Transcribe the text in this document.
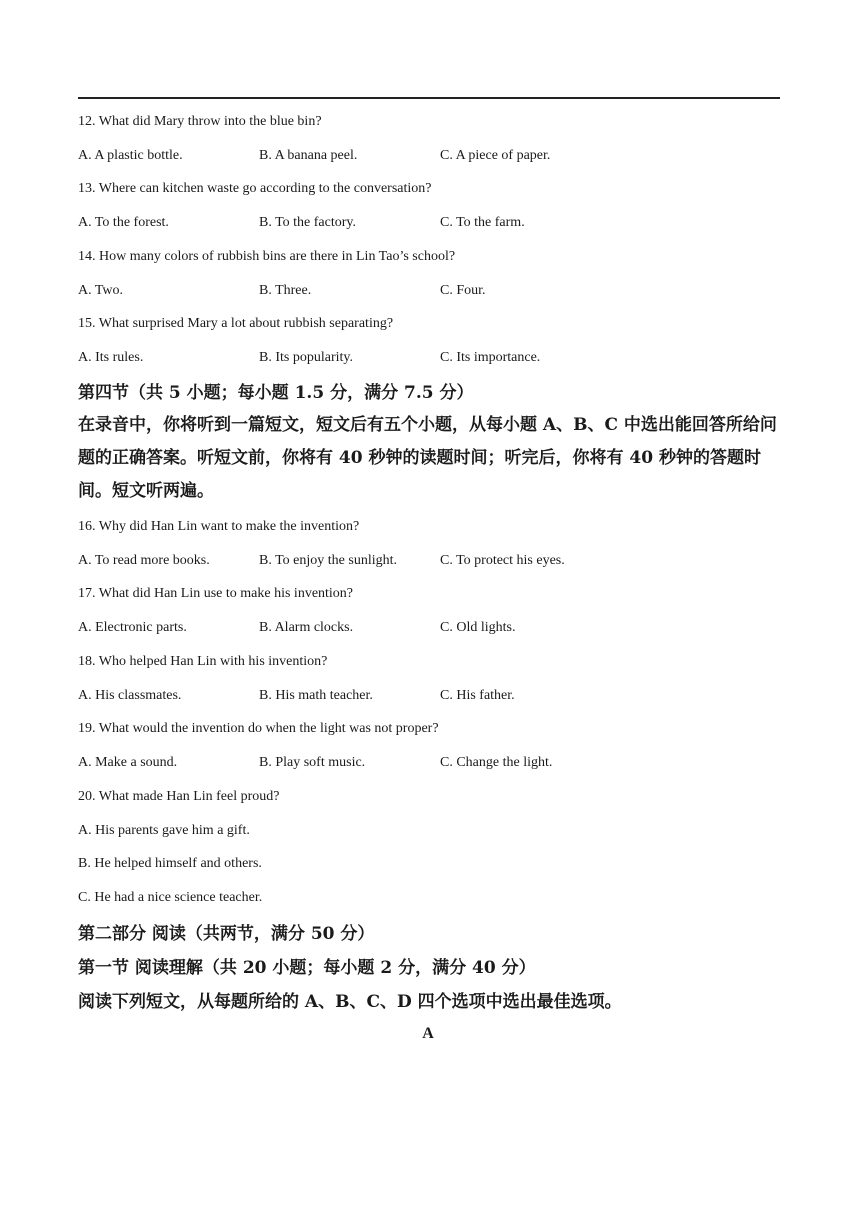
12. What did Mary throw into the blue bin?
A. A plastic bottle.	B. A banana peel.	C. A piece of paper.
13. Where can kitchen waste go according to the conversation?
A. To the forest.	B. To the factory.	C. To the farm.
14. How many colors of rubbish bins are there in Lin Tao’s school?
A. Two.	B. Three.	C. Four.
15. What surprised Mary a lot about rubbish separating?
A. Its rules.	B. Its popularity.	C. Its importance.
第四节（共 5 小题；每小题 1.5 分，满分 7.5 分）
在录音中，你将听到一篇短文，短文后有五个小题，从每小题 A、B、C 中选出能回答所给问题的正确答案。听短文前，你将有 40 秒钟的读题时间；听完后，你将有 40 秒钟的答题时间。短文听两遍。
16. Why did Han Lin want to make the invention?
A. To read more books.	B. To enjoy the sunlight.	C. To protect his eyes.
17. What did Han Lin use to make his invention?
A. Electronic parts.	B. Alarm clocks.	C. Old lights.
18. Who helped Han Lin with his invention?
A. His classmates.	B. His math teacher.	C. His father.
19. What would the invention do when the light was not proper?
A. Make a sound.	B. Play soft music.	C. Change the light.
20. What made Han Lin feel proud?
A. His parents gave him a gift.
B. He helped himself and others.
C. He had a nice science teacher.
第二部分 阅读（共两节，满分 50 分）
第一节 阅读理解（共 20 小题；每小题 2 分，满分 40 分）
阅读下列短文，从每题所给的 A、B、C、D 四个选项中选出最佳选项。
A
